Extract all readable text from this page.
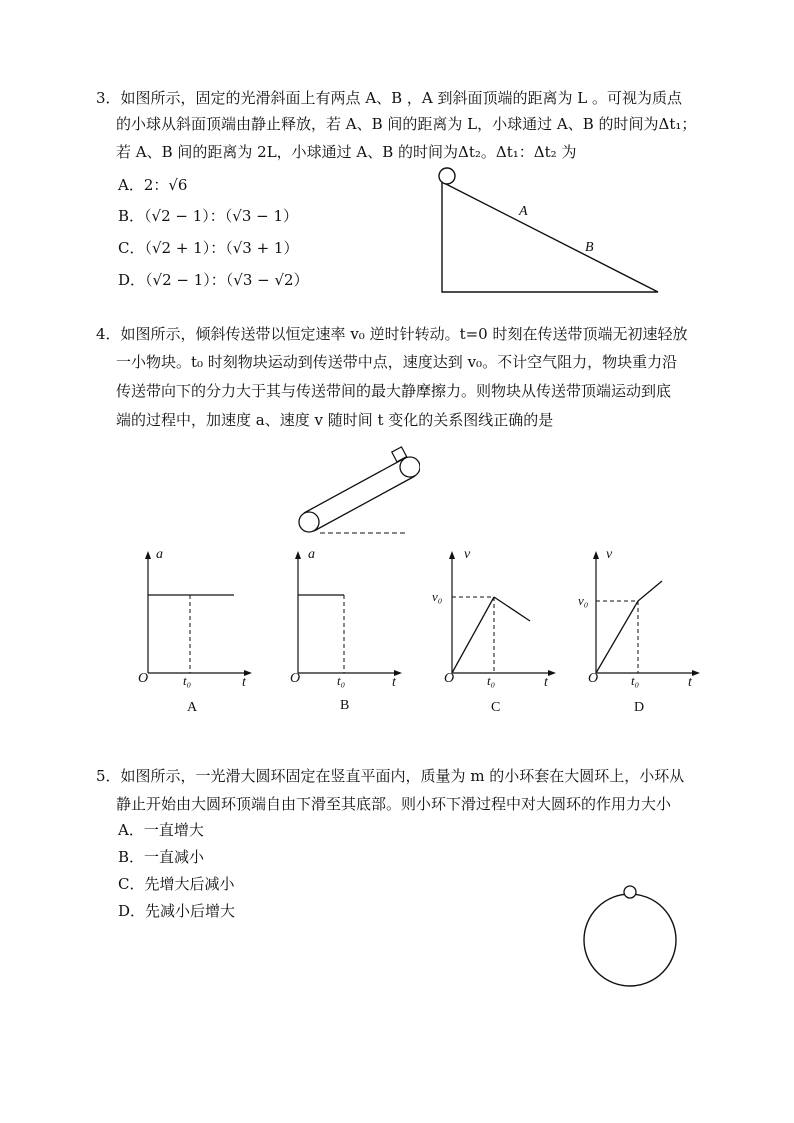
3．如图所示，固定的光滑斜面上有两点 A、B ，A 到斜面顶端的距离为 L 。可视为质点
的小球从斜面顶端由静止释放，若 A、B 间的距离为 L，小球通过 A、B 的时间为Δt₁；
若 A、B 间的距离为 2L，小球通过 A、B 的时间为Δt₂。Δt₁：Δt₂ 为
A．2：√6
B．（√2 − 1）：（√3 − 1）
C．（√2 + 1）：（√3 + 1）
D．（√2 − 1）：（√3 − √2）
A
B
4．如图所示，倾斜传送带以恒定速率 v₀ 逆时针转动。t=0 时刻在传送带顶端无初速轻放
一小物块。t₀ 时刻物块运动到传送带中点，速度达到 v₀。不计空气阻力，物块重力沿
传送带向下的分力大于其与传送带间的最大静摩擦力。则物块从传送带顶端运动到底
端的过程中，加速度 a、速度 v 随时间 t 变化的关系图线正确的是
a
t
O	t₀
A
a
t
O	t₀
B
v
t
O
v₀
t₀
C
v
t
O
v₀
t₀
D
5．如图所示，一光滑大圆环固定在竖直平面内，质量为 m 的小环套在大圆环上，小环从
静止开始由大圆环顶端自由下滑至其底部。则小环下滑过程中对大圆环的作用力大小
A．一直增大
B．一直减小
C．先增大后减小
D．先减小后增大
